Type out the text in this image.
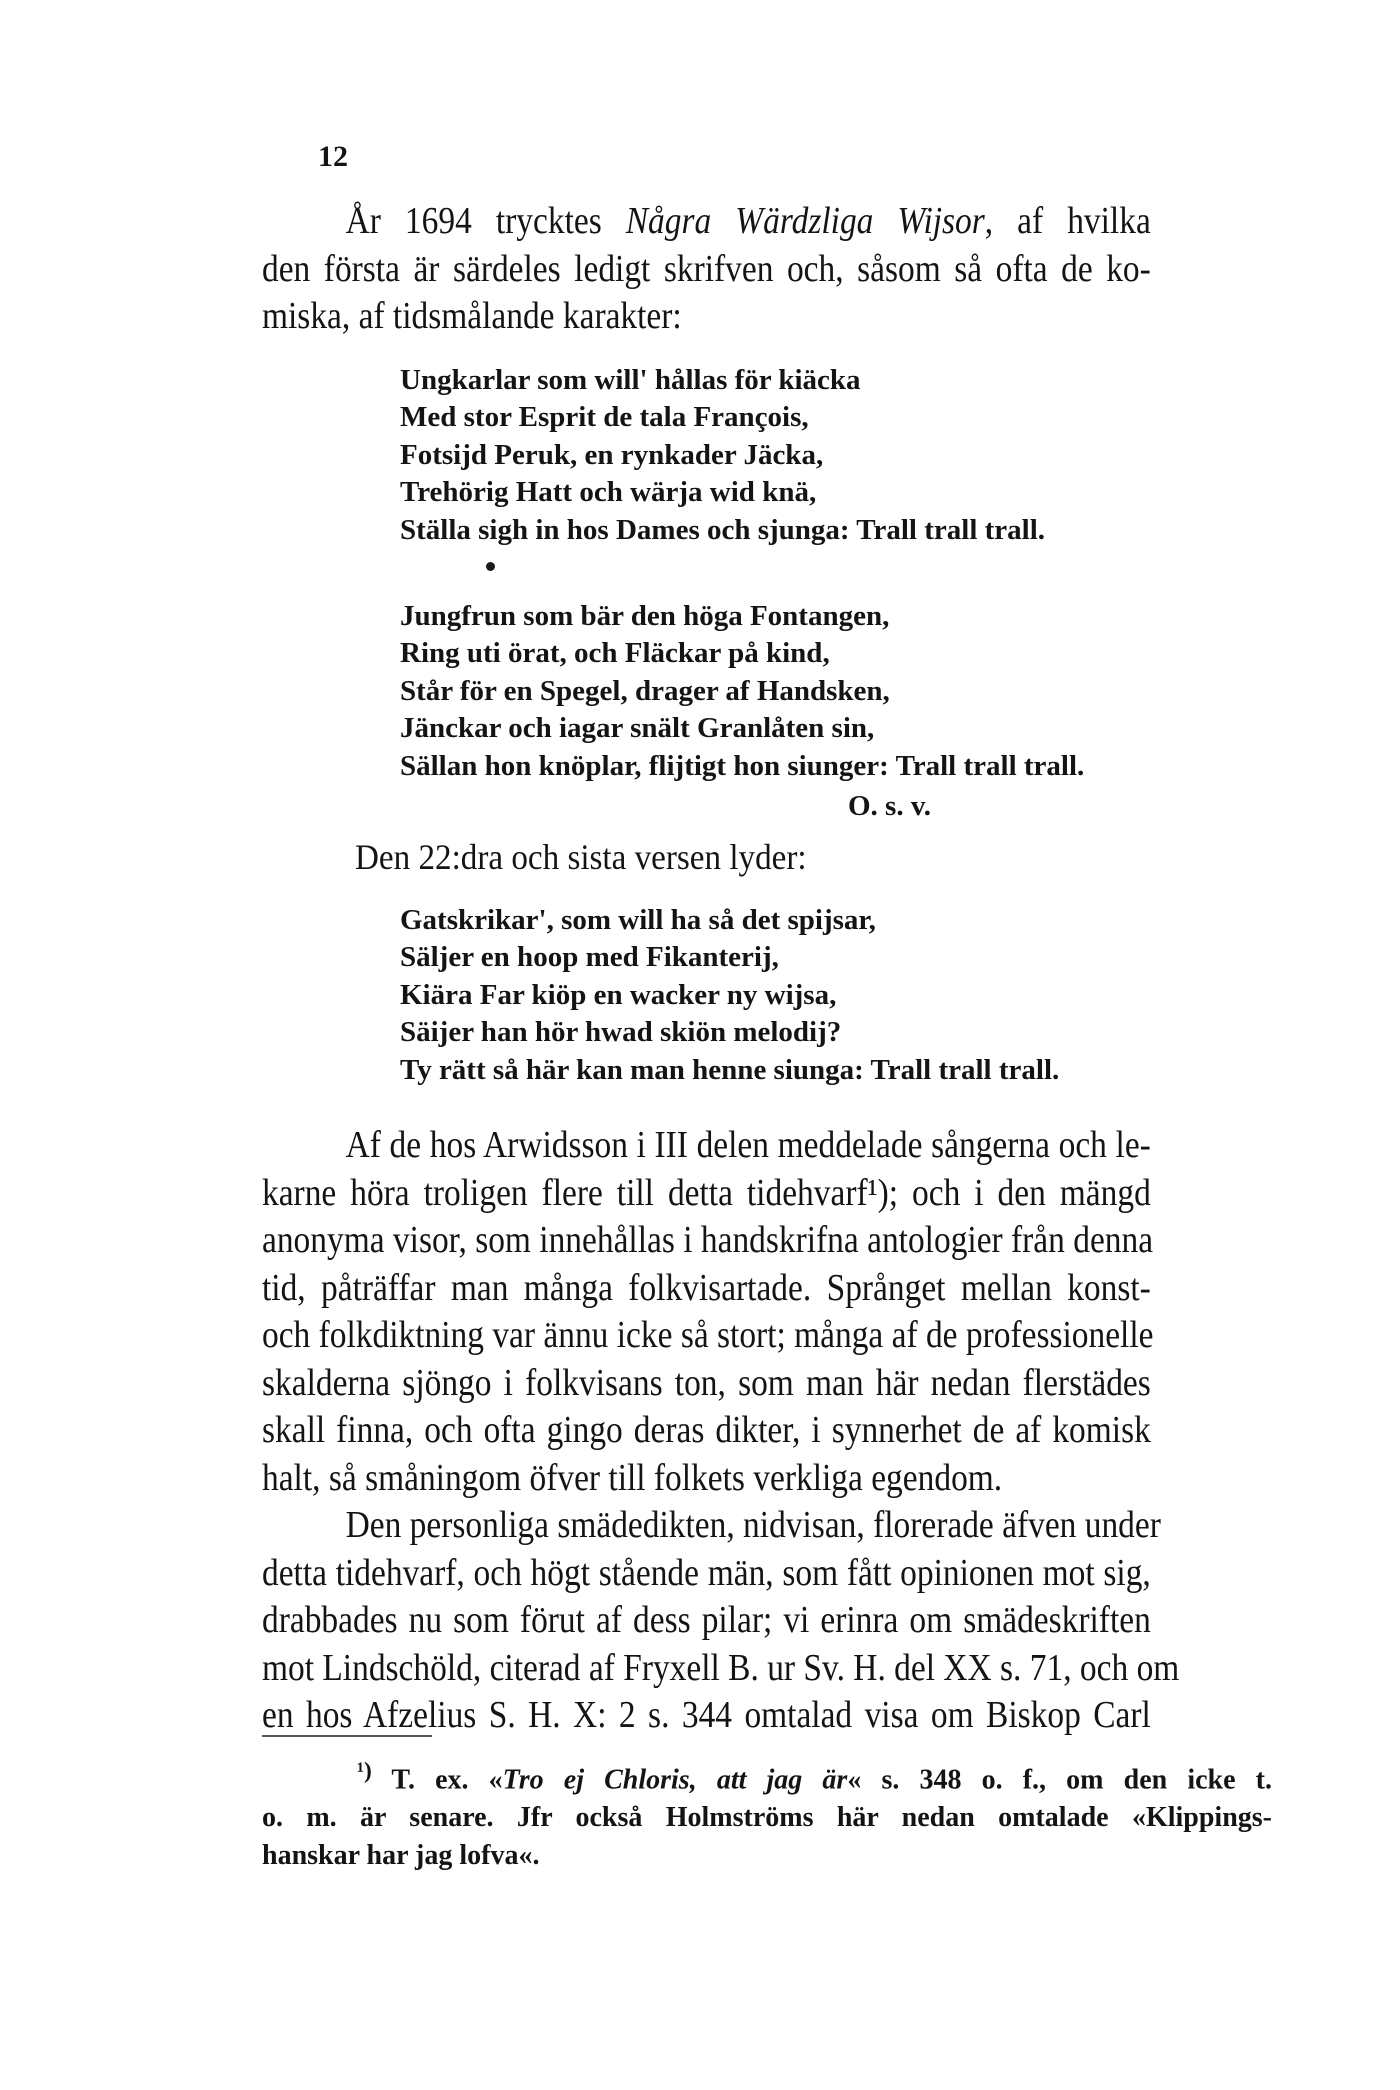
12
År 1694 trycktes Några Wärdzliga Wijsor, af hvilka
den första är särdeles ledigt skrifven och, såsom så ofta de ko-
miska, af tidsmålande karakter:
Ungkarlar som will' hållas för kiäcka
Med stor Esprit de tala François,
Fotsijd Peruk, en rynkader Jäcka,
Trehörig Hatt och wärja wid knä,
Ställa sigh in hos Dames och sjunga: Trall trall trall.
Jungfrun som bär den höga Fontangen,
Ring uti örat, och Fläckar på kind,
Står för en Spegel, drager af Handsken,
Jänckar och iagar snält Granlåten sin,
Sällan hon knöplar, flijtigt hon siunger: Trall trall trall.
O. s. v.
Den 22:dra och sista versen lyder:
Gatskrikar', som will ha så det spijsar,
Säljer en hoop med Fikanterij,
Kiära Far kiöp en wacker ny wijsa,
Säijer han hör hwad skiön melodij?
Ty rätt så här kan man henne siunga: Trall trall trall.
Af de hos Arwidsson i III delen meddelade sångerna och le-
karne höra troligen flere till detta tidehvarf¹); och i den mängd
anonyma visor, som innehållas i handskrifna antologier från denna
tid, påträffar man många folkvisartade. Språnget mellan konst-
och folkdiktning var ännu icke så stort; många af de professionelle
skalderna sjöngo i folkvisans ton, som man här nedan flerstädes
skall finna, och ofta gingo deras dikter, i synnerhet de af komisk
halt, så småningom öfver till folkets verkliga egendom.
Den personliga smädedikten, nidvisan, florerade äfven under
detta tidehvarf, och högt stående män, som fått opinionen mot sig,
drabbades nu som förut af dess pilar; vi erinra om smädeskriften
mot Lindschöld, citerad af Fryxell B. ur Sv. H. del XX s. 71, och om
en hos Afzelius S. H. X: 2 s. 344 omtalad visa om Biskop Carl
$^{^1)}$ T. ex. «Tro ej Chloris, att jag är« s. 348 o. f., om den icke t.
o. m. är senare. Jfr också Holmströms här nedan omtalade «Klippings-
hanskar har jag lofva«.
